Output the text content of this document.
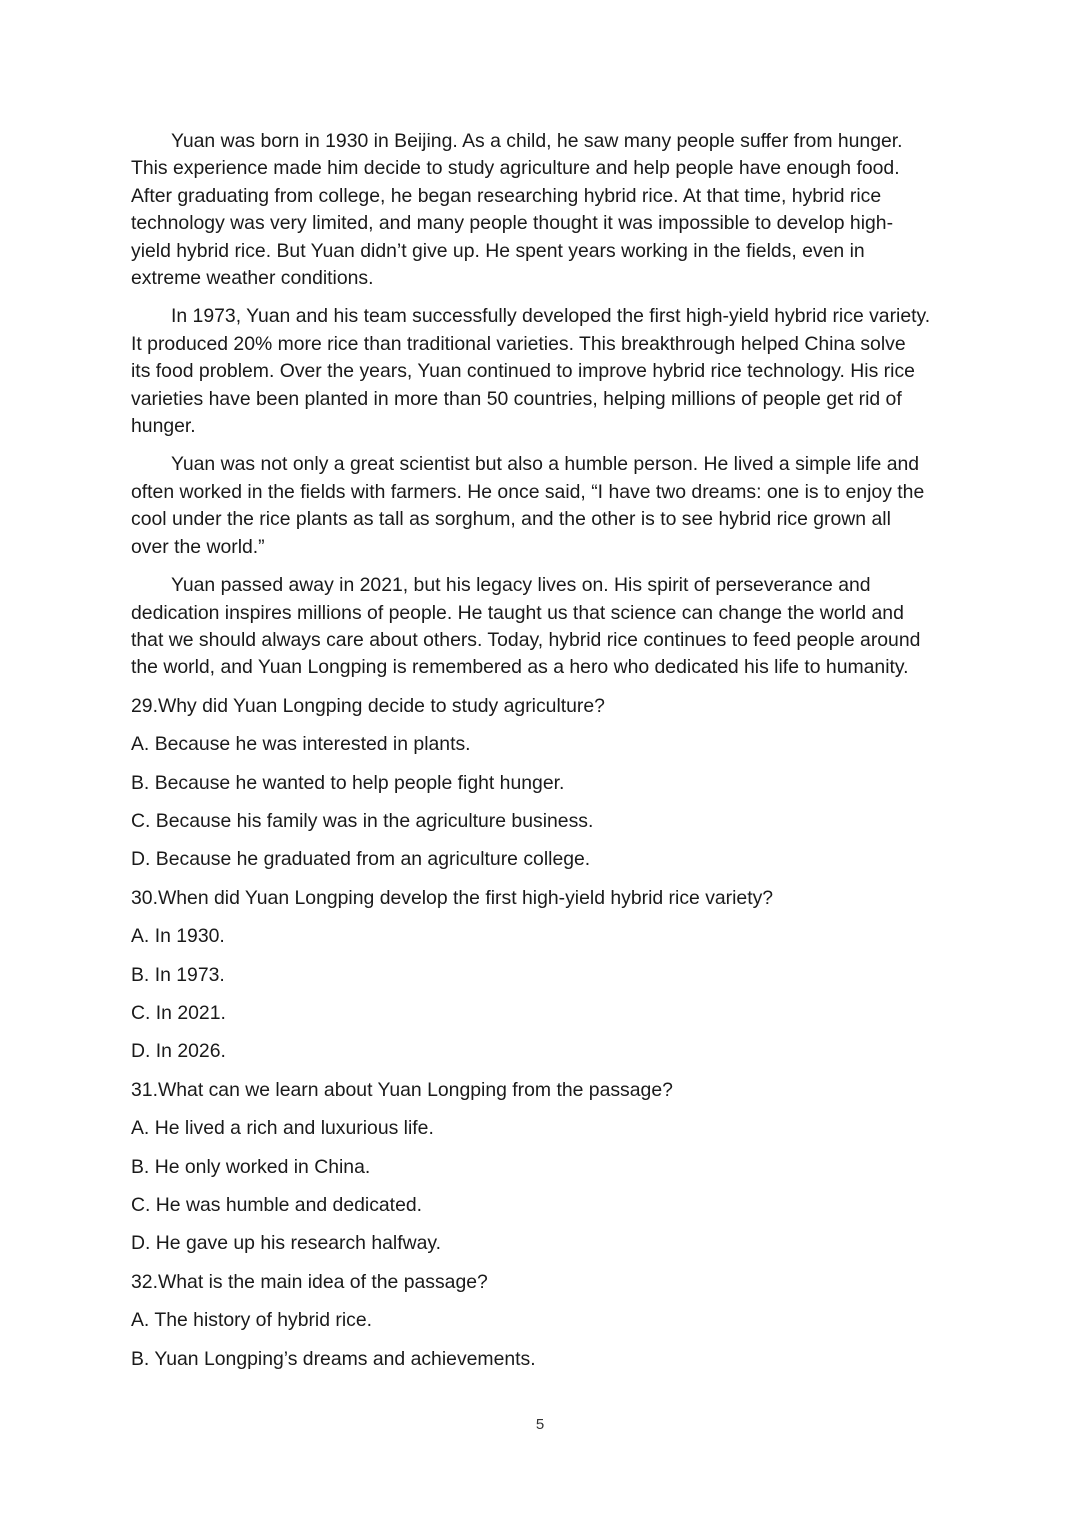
Yuan was born in 1930 in Beijing. As a child, he saw many people suffer from hunger.
This experience made him decide to study agriculture and help people have enough food.
After graduating from college, he began researching hybrid rice. At that time, hybrid rice
technology was very limited, and many people thought it was impossible to develop high-
yield hybrid rice. But Yuan didn’t give up. He spent years working in the fields, even in
extreme weather conditions.

In 1973, Yuan and his team successfully developed the first high-yield hybrid rice variety.
It produced 20% more rice than traditional varieties. This breakthrough helped China solve
its food problem. Over the years, Yuan continued to improve hybrid rice technology. His rice
varieties have been planted in more than 50 countries, helping millions of people get rid of
hunger.

Yuan was not only a great scientist but also a humble person. He lived a simple life and
often worked in the fields with farmers. He once said, “I have two dreams: one is to enjoy the
cool under the rice plants as tall as sorghum, and the other is to see hybrid rice grown all
over the world.”

Yuan passed away in 2021, but his legacy lives on. His spirit of perseverance and
dedication inspires millions of people. He taught us that science can change the world and
that we should always care about others. Today, hybrid rice continues to feed people around
the world, and Yuan Longping is remembered as a hero who dedicated his life to humanity.

29.Why did Yuan Longping decide to study agriculture?

A. Because he was interested in plants.

B. Because he wanted to help people fight hunger.

C. Because his family was in the agriculture business.

D. Because he graduated from an agriculture college.

30.When did Yuan Longping develop the first high-yield hybrid rice variety?

A. In 1930.

B. In 1973.

C. In 2021.

D. In 2026.

31.What can we learn about Yuan Longping from the passage?

A. He lived a rich and luxurious life.

B. He only worked in China.

C. He was humble and dedicated.

D. He gave up his research halfway.

32.What is the main idea of the passage?

A. The history of hybrid rice.

B. Yuan Longping’s dreams and achievements.

5
